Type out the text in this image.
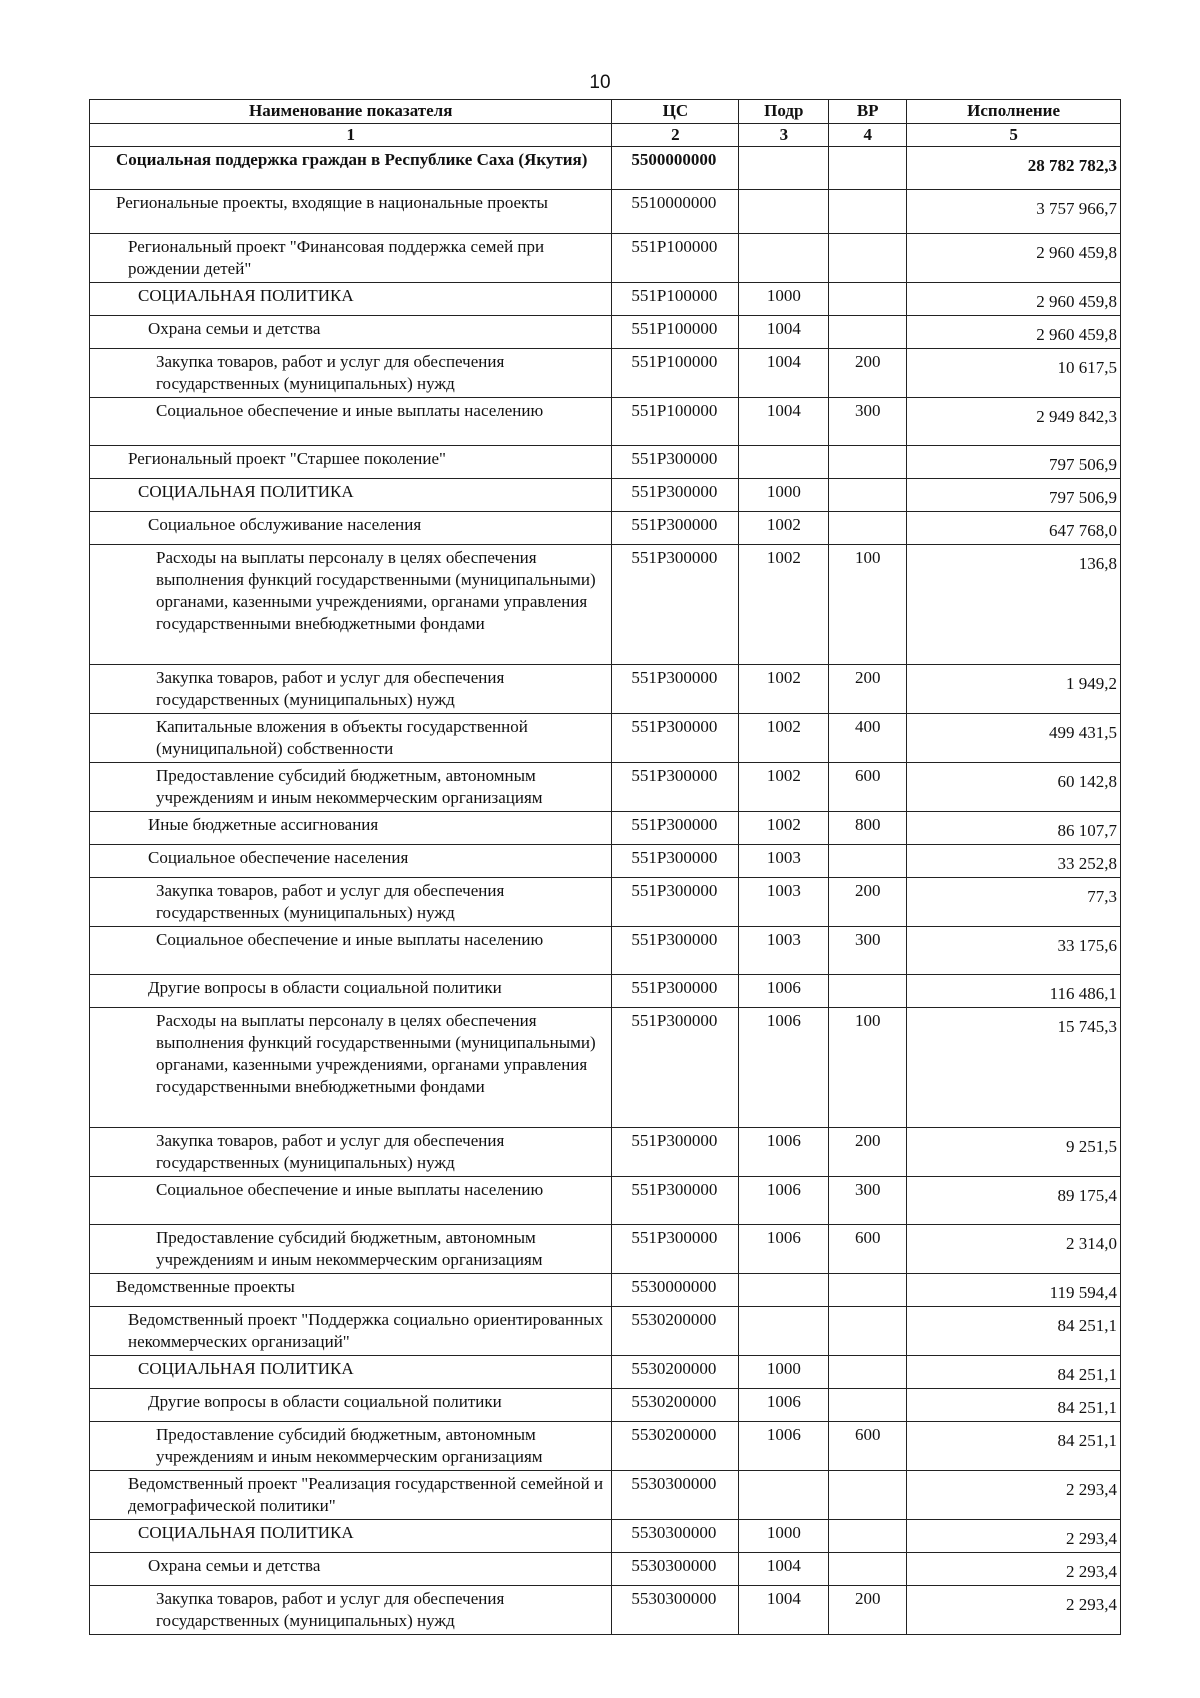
10
Наименование показателя	ЦС	Подр	ВР	Исполнение
1	2	3	4	5
Социальная поддержка граждан в Республике Саха (Якутия)	5500000000			28 782 782,3
Региональные проекты, входящие в национальные проекты	5510000000			3 757 966,7
Региональный проект "Финансовая поддержка семей при рождении детей"	551P100000			2 960 459,8
СОЦИАЛЬНАЯ ПОЛИТИКА	551P100000	1000		2 960 459,8
Охрана семьи и детства	551P100000	1004		2 960 459,8
Закупка товаров, работ и услуг для обеспечения государственных (муниципальных) нужд	551P100000	1004	200	10 617,5
Социальное обеспечение и иные выплаты населению	551P100000	1004	300	2 949 842,3
Региональный проект "Старшее поколение"	551P300000			797 506,9
СОЦИАЛЬНАЯ ПОЛИТИКА	551P300000	1000		797 506,9
Социальное обслуживание населения	551P300000	1002		647 768,0
Расходы на выплаты персоналу в целях обеспечения выполнения функций государственными (муниципальными) органами, казенными учреждениями, органами управления государственными внебюджетными фондами	551P300000	1002	100	136,8
Закупка товаров, работ и услуг для обеспечения государственных (муниципальных) нужд	551P300000	1002	200	1 949,2
Капитальные вложения в объекты государственной (муниципальной) собственности	551P300000	1002	400	499 431,5
Предоставление субсидий бюджетным, автономным учреждениям и иным некоммерческим организациям	551P300000	1002	600	60 142,8
Иные бюджетные ассигнования	551P300000	1002	800	86 107,7
Социальное обеспечение населения	551P300000	1003		33 252,8
Закупка товаров, работ и услуг для обеспечения государственных (муниципальных) нужд	551P300000	1003	200	77,3
Социальное обеспечение и иные выплаты населению	551P300000	1003	300	33 175,6
Другие вопросы в области социальной политики	551P300000	1006		116 486,1
Расходы на выплаты персоналу в целях обеспечения выполнения функций государственными (муниципальными) органами, казенными учреждениями, органами управления государственными внебюджетными фондами	551P300000	1006	100	15 745,3
Закупка товаров, работ и услуг для обеспечения государственных (муниципальных) нужд	551P300000	1006	200	9 251,5
Социальное обеспечение и иные выплаты населению	551P300000	1006	300	89 175,4
Предоставление субсидий бюджетным, автономным учреждениям и иным некоммерческим организациям	551P300000	1006	600	2 314,0
Ведомственные проекты	5530000000			119 594,4
Ведомственный проект "Поддержка социально ориентированных некоммерческих организаций"	5530200000			84 251,1
СОЦИАЛЬНАЯ ПОЛИТИКА	5530200000	1000		84 251,1
Другие вопросы в области социальной политики	5530200000	1006		84 251,1
Предоставление субсидий бюджетным, автономным учреждениям и иным некоммерческим организациям	5530200000	1006	600	84 251,1
Ведомственный проект "Реализация государственной семейной и демографической политики"	5530300000			2 293,4
СОЦИАЛЬНАЯ ПОЛИТИКА	5530300000	1000		2 293,4
Охрана семьи и детства	5530300000	1004		2 293,4
Закупка товаров, работ и услуг для обеспечения государственных (муниципальных) нужд	5530300000	1004	200	2 293,4
